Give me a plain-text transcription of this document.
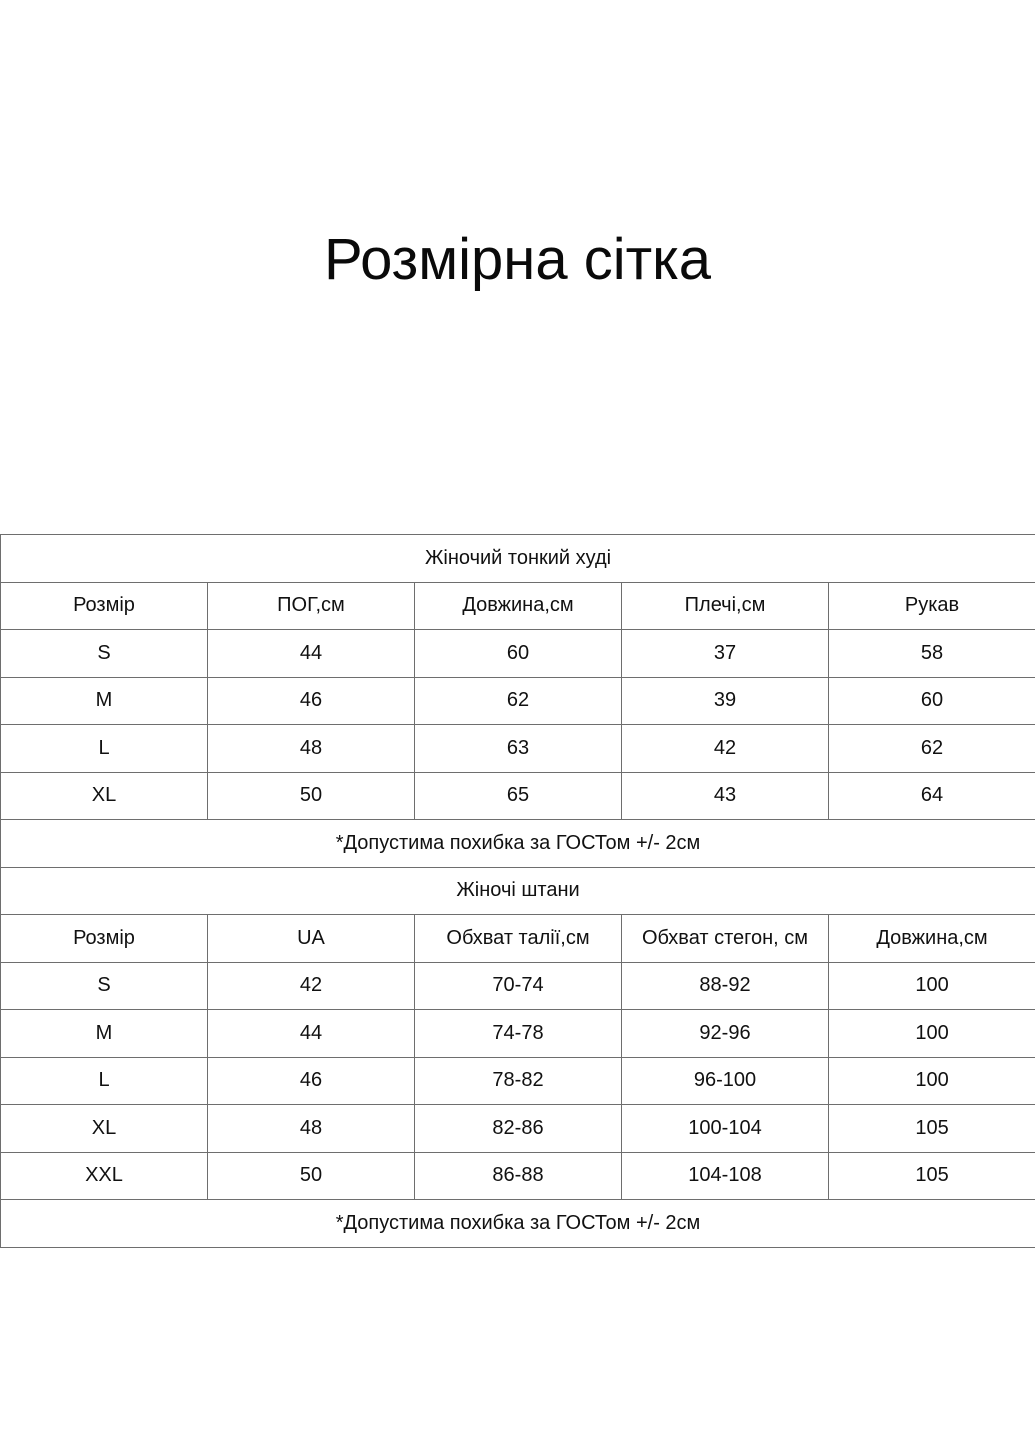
Розмірна сітка
Жіночий тонкий худі				
Розмір	ПОГ,см	Довжина,см	Плечі,см	Рукав
S	44	60	37	58
M	46	62	39	60
L	48	63	42	62
XL	50	65	43	64
*Допустима похибка за ГОСТом +/- 2см				
Жіночі штани				
Розмір	UA	Обхват талії,см	Обхват стегон, см	Довжина,см
S	42	70-74	88-92	100
M	44	74-78	92-96	100
L	46	78-82	96-100	100
XL	48	82-86	100-104	105
XXL	50	86-88	104-108	105
*Допустима похибка за ГОСТом +/- 2см				
